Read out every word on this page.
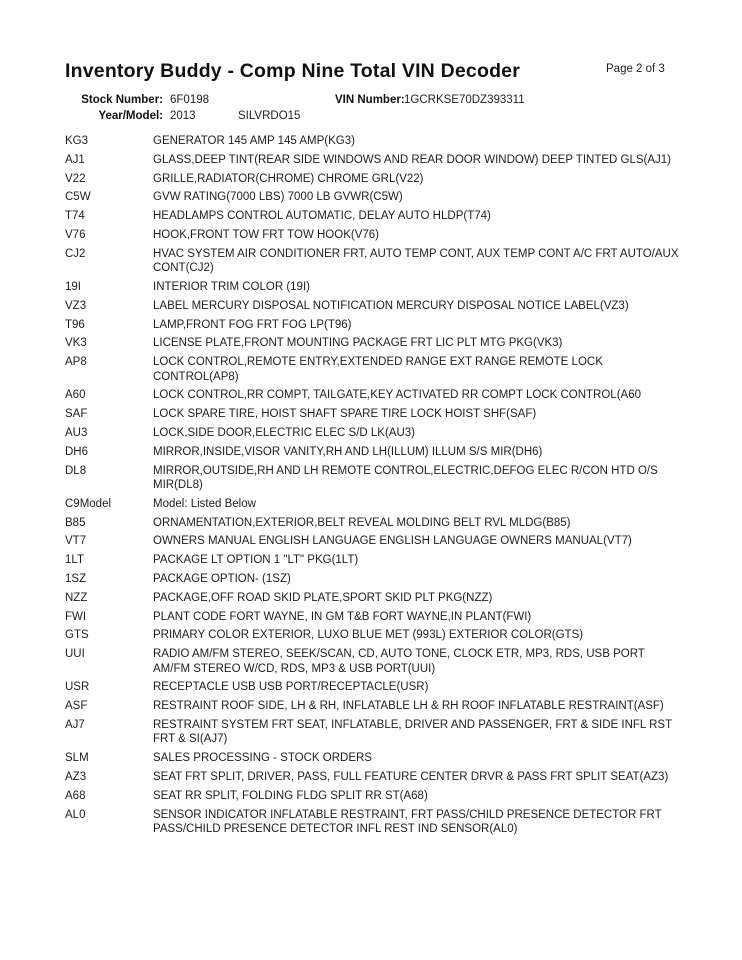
Inventory Buddy - Comp Nine Total VIN Decoder	Page 2 of 3
Stock Number: 6F0198	VIN Number: 1GCRKSE70DZ393311
Year/Model: 2013	SILVRDO15
KG3	GENERATOR 145 AMP 145 AMP(KG3)
AJ1	GLASS,DEEP TINT(REAR SIDE WINDOWS AND REAR DOOR WINDOW) DEEP TINTED GLS(AJ1)
V22	GRILLE,RADIATOR(CHROME) CHROME GRL(V22)
C5W	GVW RATING(7000 LBS) 7000 LB GVWR(C5W)
T74	HEADLAMPS CONTROL AUTOMATIC, DELAY AUTO HLDP(T74)
V76	HOOK,FRONT TOW FRT TOW HOOK(V76)
CJ2	HVAC SYSTEM AIR CONDITIONER FRT, AUTO TEMP CONT, AUX TEMP CONT A/C FRT AUTO/AUX CONT(CJ2)
19I	INTERIOR TRIM COLOR (19I)
VZ3	LABEL MERCURY DISPOSAL NOTIFICATION MERCURY DISPOSAL NOTICE LABEL(VZ3)
T96	LAMP,FRONT FOG FRT FOG LP(T96)
VK3	LICENSE PLATE,FRONT MOUNTING PACKAGE FRT LIC PLT MTG PKG(VK3)
AP8	LOCK CONTROL,REMOTE ENTRY,EXTENDED RANGE EXT RANGE REMOTE LOCK CONTROL(AP8)
A60	LOCK CONTROL,RR COMPT, TAILGATE,KEY ACTIVATED RR COMPT LOCK CONTROL(A60
SAF	LOCK SPARE TIRE, HOIST SHAFT SPARE TIRE LOCK HOIST SHF(SAF)
AU3	LOCK,SIDE DOOR,ELECTRIC ELEC S/D LK(AU3)
DH6	MIRROR,INSIDE,VISOR VANITY,RH AND LH(ILLUM) ILLUM S/S MIR(DH6)
DL8	MIRROR,OUTSIDE,RH AND LH REMOTE CONTROL,ELECTRIC,DEFOG ELEC R/CON HTD O/S MIR(DL8)
C9Model	Model: Listed Below
B85	ORNAMENTATION,EXTERIOR,BELT REVEAL MOLDING BELT RVL MLDG(B85)
VT7	OWNERS MANUAL ENGLISH LANGUAGE ENGLISH LANGUAGE OWNERS MANUAL(VT7)
1LT	PACKAGE LT OPTION 1 "LT" PKG(1LT)
1SZ	PACKAGE OPTION- (1SZ)
NZZ	PACKAGE,OFF ROAD SKID PLATE,SPORT SKID PLT PKG(NZZ)
FWI	PLANT CODE FORT WAYNE, IN GM T&B FORT WAYNE,IN PLANT(FWI)
GTS	PRIMARY COLOR EXTERIOR, LUXO BLUE MET (993L) EXTERIOR COLOR(GTS)
UUI	RADIO AM/FM STEREO, SEEK/SCAN, CD, AUTO TONE, CLOCK ETR, MP3, RDS, USB PORT AM/FM STEREO W/CD, RDS, MP3 & USB PORT(UUI)
USR	RECEPTACLE USB USB PORT/RECEPTACLE(USR)
ASF	RESTRAINT ROOF SIDE, LH & RH, INFLATABLE LH & RH ROOF INFLATABLE RESTRAINT(ASF)
AJ7	RESTRAINT SYSTEM FRT SEAT, INFLATABLE, DRIVER AND PASSENGER, FRT & SIDE INFL RST FRT & SI(AJ7)
SLM	SALES PROCESSING - STOCK ORDERS
AZ3	SEAT FRT SPLIT, DRIVER, PASS, FULL FEATURE CENTER DRVR & PASS FRT SPLIT SEAT(AZ3)
A68	SEAT RR SPLIT, FOLDING FLDG SPLIT RR ST(A68)
AL0	SENSOR INDICATOR INFLATABLE RESTRAINT, FRT PASS/CHILD PRESENCE DETECTOR FRT PASS/CHILD PRESENCE DETECTOR INFL REST IND SENSOR(AL0)
